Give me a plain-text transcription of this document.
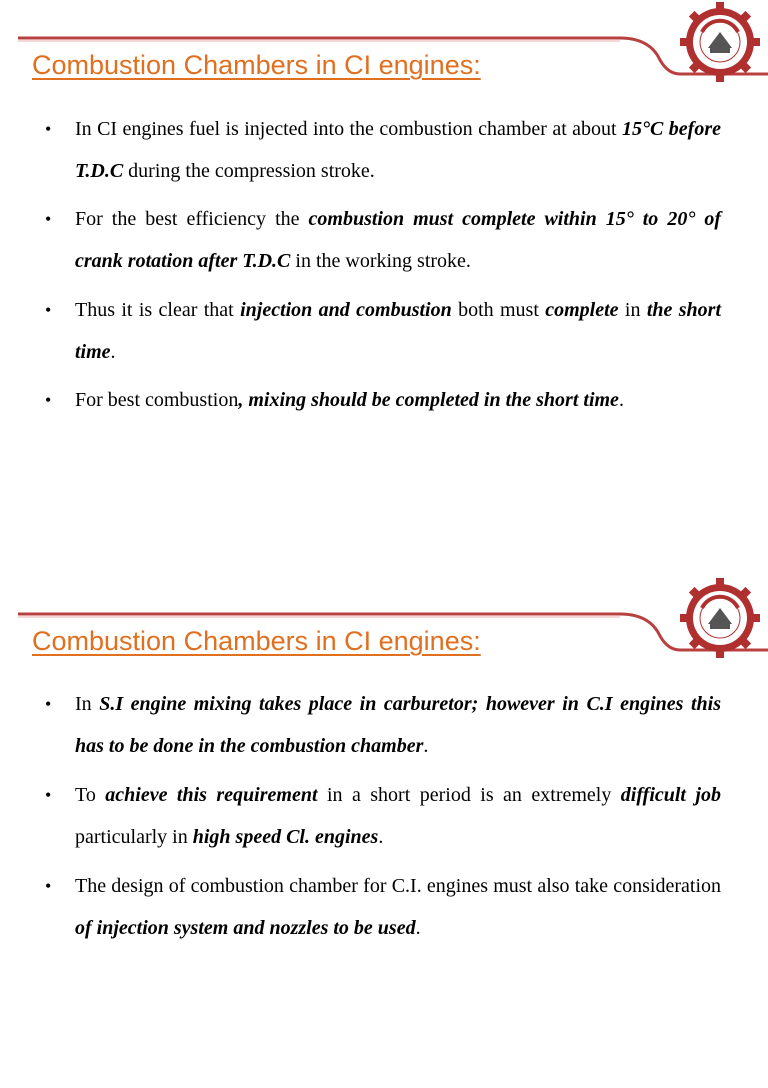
Combustion Chambers in CI engines:
• In CI engines fuel is injected into the combustion chamber at about 15°C before T.D.C during the compression stroke.
• For the best efficiency the combustion must complete within 15° to 20° of crank rotation after T.D.C in the working stroke.
• Thus it is clear that injection and combustion both must complete in the short time.
• For best combustion, mixing should be completed in the short time.
Combustion Chambers in CI engines:
• In S.I engine mixing takes place in carburetor; however in C.I engines this has to be done in the combustion chamber.
• To achieve this requirement in a short period is an extremely difficult job particularly in high speed Cl. engines.
• The design of combustion chamber for C.I. engines must also take consideration of injection system and nozzles to be used.
